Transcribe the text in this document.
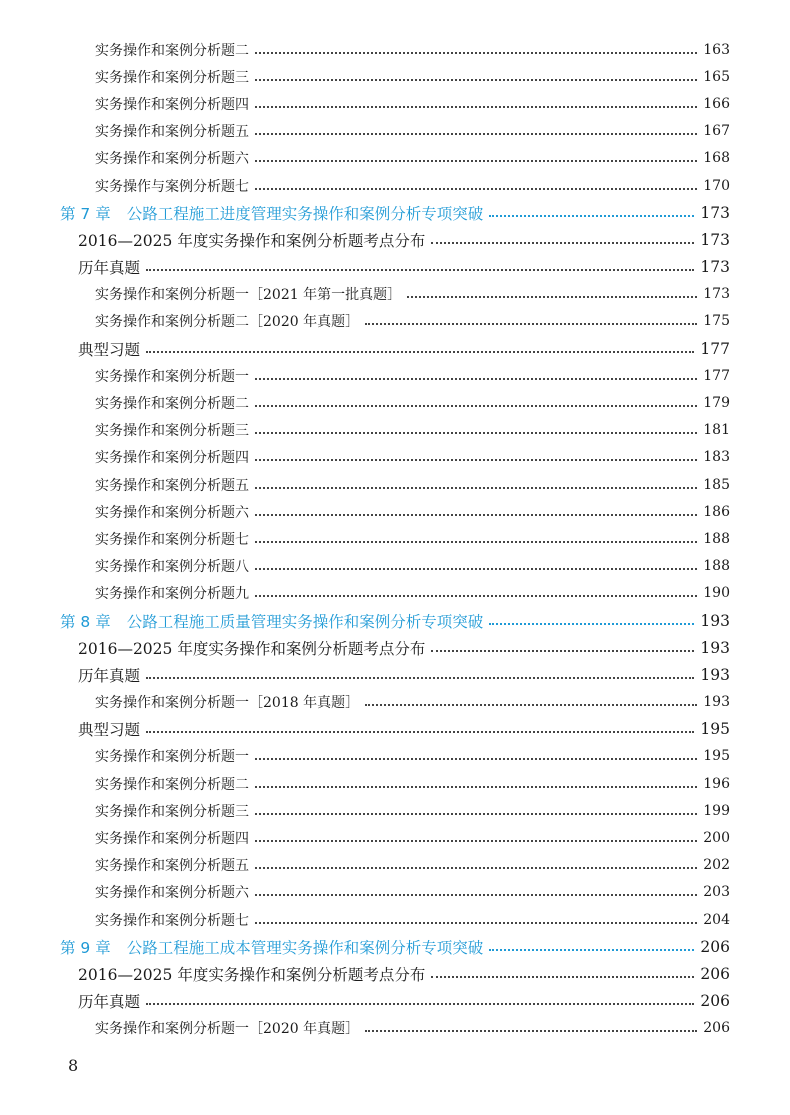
实务操作和案例分析题二	163
实务操作和案例分析题三	165
实务操作和案例分析题四	166
实务操作和案例分析题五	167
实务操作和案例分析题六	168
实务操作与案例分析题七	170
第 7 章 公路工程施工进度管理实务操作和案例分析专项突破	173
2016—2025 年度实务操作和案例分析题考点分布	173
历年真题	173
实务操作和案例分析题一［2021 年第一批真题］	173
实务操作和案例分析题二［2020 年真题］	175
典型习题	177
实务操作和案例分析题一	177
实务操作和案例分析题二	179
实务操作和案例分析题三	181
实务操作和案例分析题四	183
实务操作和案例分析题五	185
实务操作和案例分析题六	186
实务操作和案例分析题七	188
实务操作和案例分析题八	188
实务操作和案例分析题九	190
第 8 章 公路工程施工质量管理实务操作和案例分析专项突破	193
2016—2025 年度实务操作和案例分析题考点分布	193
历年真题	193
实务操作和案例分析题一［2018 年真题］	193
典型习题	195
实务操作和案例分析题一	195
实务操作和案例分析题二	196
实务操作和案例分析题三	199
实务操作和案例分析题四	200
实务操作和案例分析题五	202
实务操作和案例分析题六	203
实务操作和案例分析题七	204
第 9 章 公路工程施工成本管理实务操作和案例分析专项突破	206
2016—2025 年度实务操作和案例分析题考点分布	206
历年真题	206
实务操作和案例分析题一［2020 年真题］	206
8
